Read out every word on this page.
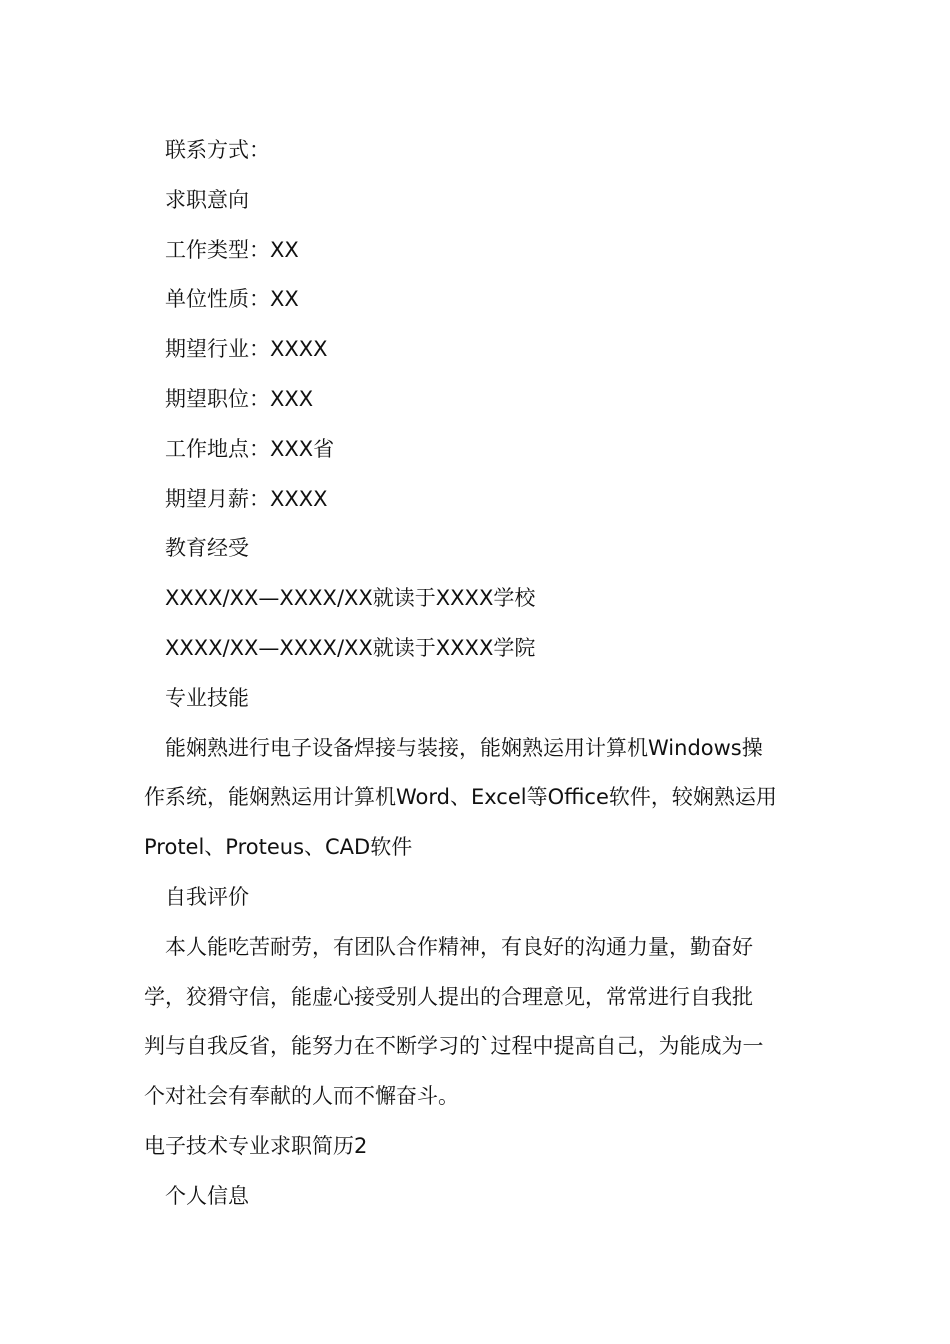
联系方式：

求职意向

工作类型：XX

单位性质：XX

期望行业：XXXX

期望职位：XXX

工作地点：XXX省

期望月薪：XXXX

教育经受

XXXX/XX—XXXX/XX就读于XXXX学校

XXXX/XX—XXXX/XX就读于XXXX学院

专业技能

能娴熟进行电子设备焊接与装接，能娴熟运用计算机Windows操

作系统，能娴熟运用计算机Word、Excel等Office软件，较娴熟运用

Protel、Proteus、CAD软件

自我评价

本人能吃苦耐劳，有团队合作精神，有良好的沟通力量，勤奋好

学，狡猾守信，能虚心接受别人提出的合理意见，常常进行自我批

判与自我反省，能努力在不断学习的`过程中提高自己，为能成为一

个对社会有奉献的人而不懈奋斗。

电子技术专业求职简历2

个人信息
